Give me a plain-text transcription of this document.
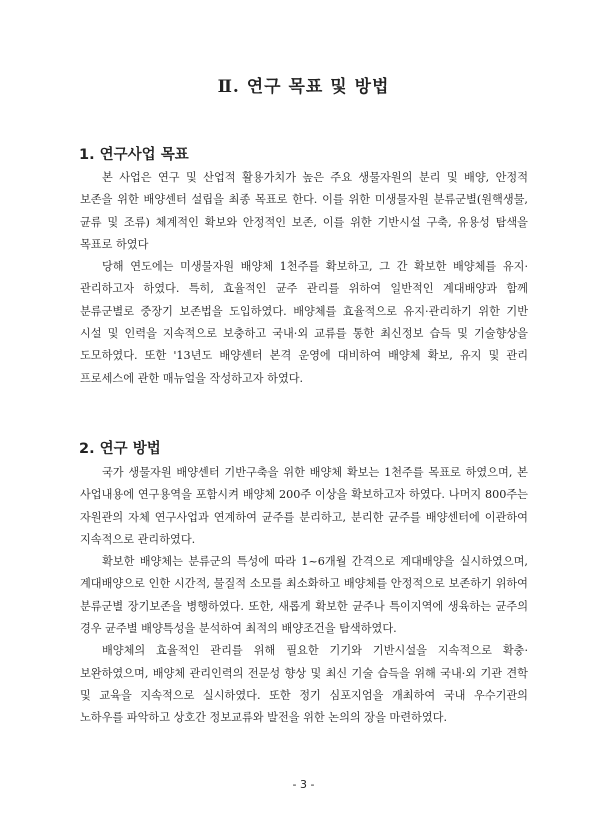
Ⅱ. 연구 목표 및 방법
1. 연구사업 목표

본 사업은 연구 및 산업적 활용가치가 높은 주요 생물자원의 분리 및 배양, 안정적 보존을 위한 배양센터 설립을 최종 목표로 한다. 이를 위한 미생물자원 분류군별(원핵생물, 균류 및 조류) 체계적인 확보와 안정적인 보존, 이를 위한 기반시설 구축, 유용성 탐색을 목표로 하였다

당해 연도에는 미생물자원 배양체 1천주를 확보하고, 그 간 확보한 배양체를 유지·관리하고자 하였다. 특히, 효율적인 균주 관리를 위하여 일반적인 계대배양과 함께 분류군별로 중장기 보존법을 도입하였다. 배양체를 효율적으로 유지·관리하기 위한 기반 시설 및 인력을 지속적으로 보충하고 국내·외 교류를 통한 최신정보 습득 및 기술향상을 도모하였다. 또한 '13년도 배양센터 본격 운영에 대비하여 배양체 확보, 유지 및 관리 프로세스에 관한 매뉴얼을 작성하고자 하였다.

2. 연구 방법

국가 생물자원 배양센터 기반구축을 위한 배양체 확보는 1천주를 목표로 하였으며, 본 사업내용에 연구용역을 포함시켜 배양체 200주 이상을 확보하고자 하였다. 나머지 800주는 자원관의 자체 연구사업과 연계하여 균주를 분리하고, 분리한 균주를 배양센터에 이관하여 지속적으로 관리하였다.

확보한 배양체는 분류군의 특성에 따라 1~6개월 간격으로 계대배양을 실시하였으며, 계대배양으로 인한 시간적, 물질적 소모를 최소화하고 배양체를 안정적으로 보존하기 위하여 분류군별 장기보존을 병행하였다. 또한, 새롭게 확보한 균주나 특이지역에 생육하는 균주의 경우 균주별 배양특성을 분석하여 최적의 배양조건을 탐색하였다.

배양체의 효율적인 관리를 위해 필요한 기기와 기반시설을 지속적으로 확충·보완하였으며, 배양체 관리인력의 전문성 향상 및 최신 기술 습득을 위해 국내·외 기관 견학 및 교육을 지속적으로 실시하였다. 또한 정기 심포지엄을 개최하여 국내 우수기관의 노하우를 파악하고 상호간 정보교류와 발전을 위한 논의의 장을 마련하였다.

- 3 -
